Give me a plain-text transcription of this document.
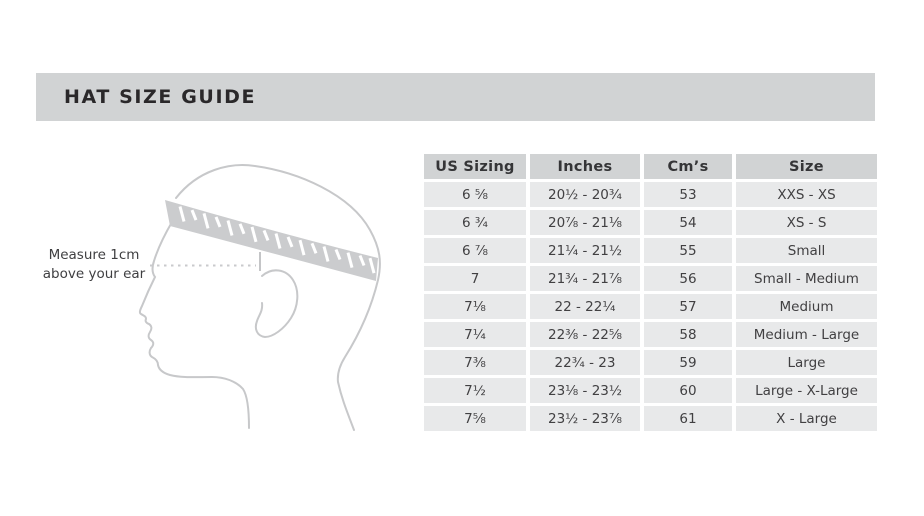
HAT SIZE GUIDE
Measure 1cm
above your ear
US Sizing	Inches	Cm’s	Size
6 ⅝	20½ - 20¾	53	XXS - XS
6 ¾	20⅞ - 21⅛	54	XS - S
6 ⅞	21¼ - 21½	55	Small
7	21¾ - 21⅞	56	Small - Medium
7⅛	22 - 22¼	57	Medium
7¼	22⅜ - 22⅝	58	Medium - Large
7⅜	22¾ - 23	59	Large
7½	23⅛ - 23½	60	Large - X-Large
7⅝	23½ - 23⅞	61	X - Large
